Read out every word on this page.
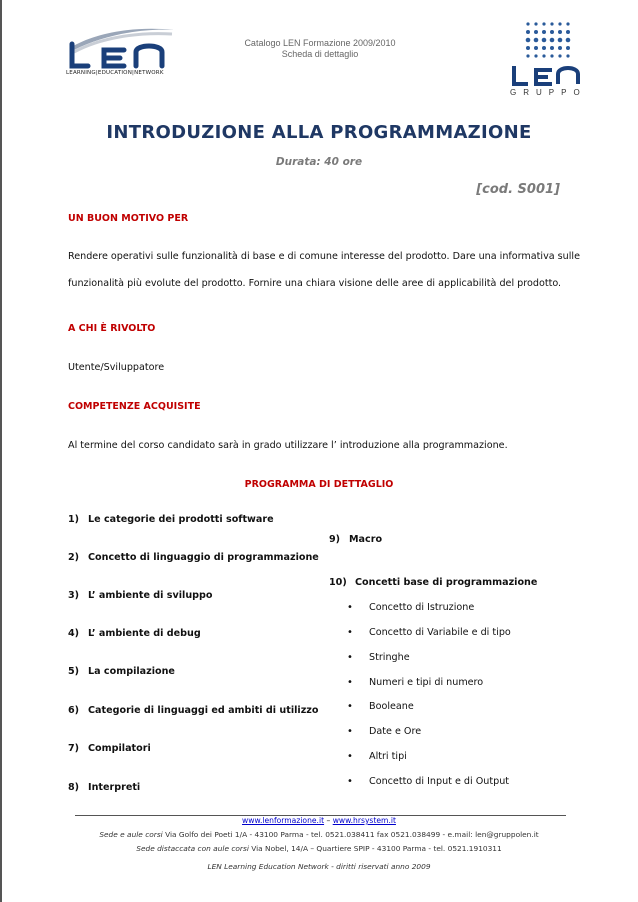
LEARNING|EDUCATION|NETWORK
Catalogo LEN Formazione 2009/2010
Scheda di dettaglio
GRUPPO
INTRODUZIONE ALLA PROGRAMMAZIONE
Durata: 40 ore
[cod. S001]
UN BUON MOTIVO PER
Rendere operativi sulle funzionalità di base e di comune interesse del prodotto. Dare una informativa sulle
funzionalità più evolute del prodotto. Fornire una chiara visione delle aree di applicabilità del prodotto.
A CHI È RIVOLTO
Utente/Sviluppatore
COMPETENZE ACQUISITE
Al termine del corso candidato sarà in grado utilizzare l’ introduzione alla programmazione.
PROGRAMMA DI DETTAGLIO
1) Le categorie dei prodotti software
2) Concetto di linguaggio di programmazione
3) L’ ambiente di sviluppo
4) L’ ambiente di debug
5) La compilazione
6) Categorie di linguaggi ed ambiti di utilizzo
7) Compilatori
8) Interpreti
9) Macro
10) Concetti base di programmazione
• Concetto di Istruzione
• Concetto di Variabile e di tipo
• Stringhe
• Numeri e tipi di numero
• Booleane
• Date e Ore
• Altri tipi
• Concetto di Input e di Output
www.lenformazione.it – www.hrsystem.it
Sede e aule corsi Via Golfo dei Poeti 1/A - 43100 Parma - tel. 0521.038411 fax 0521.038499 - e.mail: len@gruppolen.it
Sede distaccata con aule corsi Via Nobel, 14/A – Quartiere SPIP - 43100 Parma - tel. 0521.1910311
LEN Learning Education Network - diritti riservati anno 2009
